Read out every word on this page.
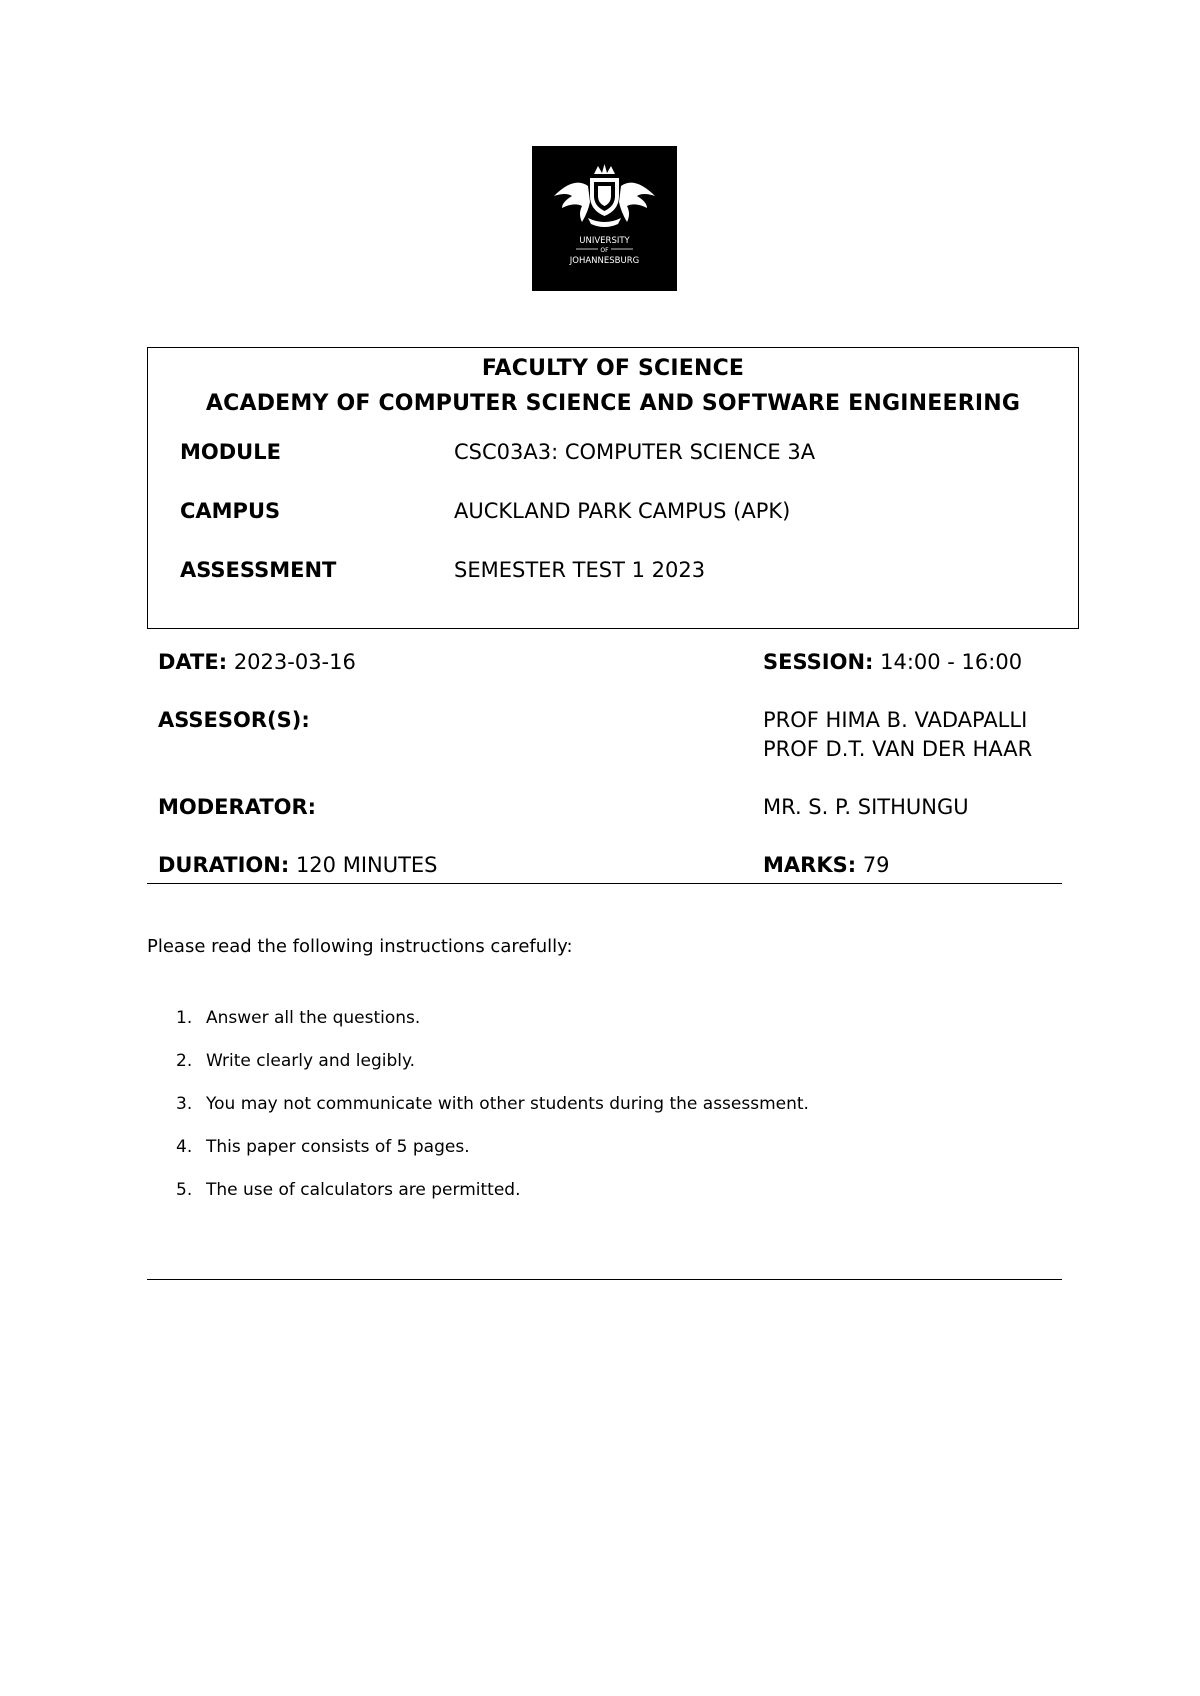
UNIVERSITY
OF
JOHANNESBURG
FACULTY OF SCIENCE
ACADEMY OF COMPUTER SCIENCE AND SOFTWARE ENGINEERING
MODULE	CSC03A3: COMPUTER SCIENCE 3A
CAMPUS	AUCKLAND PARK CAMPUS (APK)
ASSESSMENT	SEMESTER TEST 1 2023
DATE: 2023-03-16	SESSION: 14:00 - 16:00
ASSESOR(S):	PROF HIMA B. VADAPALLI
PROF D.T. VAN DER HAAR
MODERATOR:	MR. S. P. SITHUNGU
DURATION: 120 MINUTES	MARKS: 79
Please read the following instructions carefully:
1. Answer all the questions.
2. Write clearly and legibly.
3. You may not communicate with other students during the assessment.
4. This paper consists of 5 pages.
5. The use of calculators are permitted.
